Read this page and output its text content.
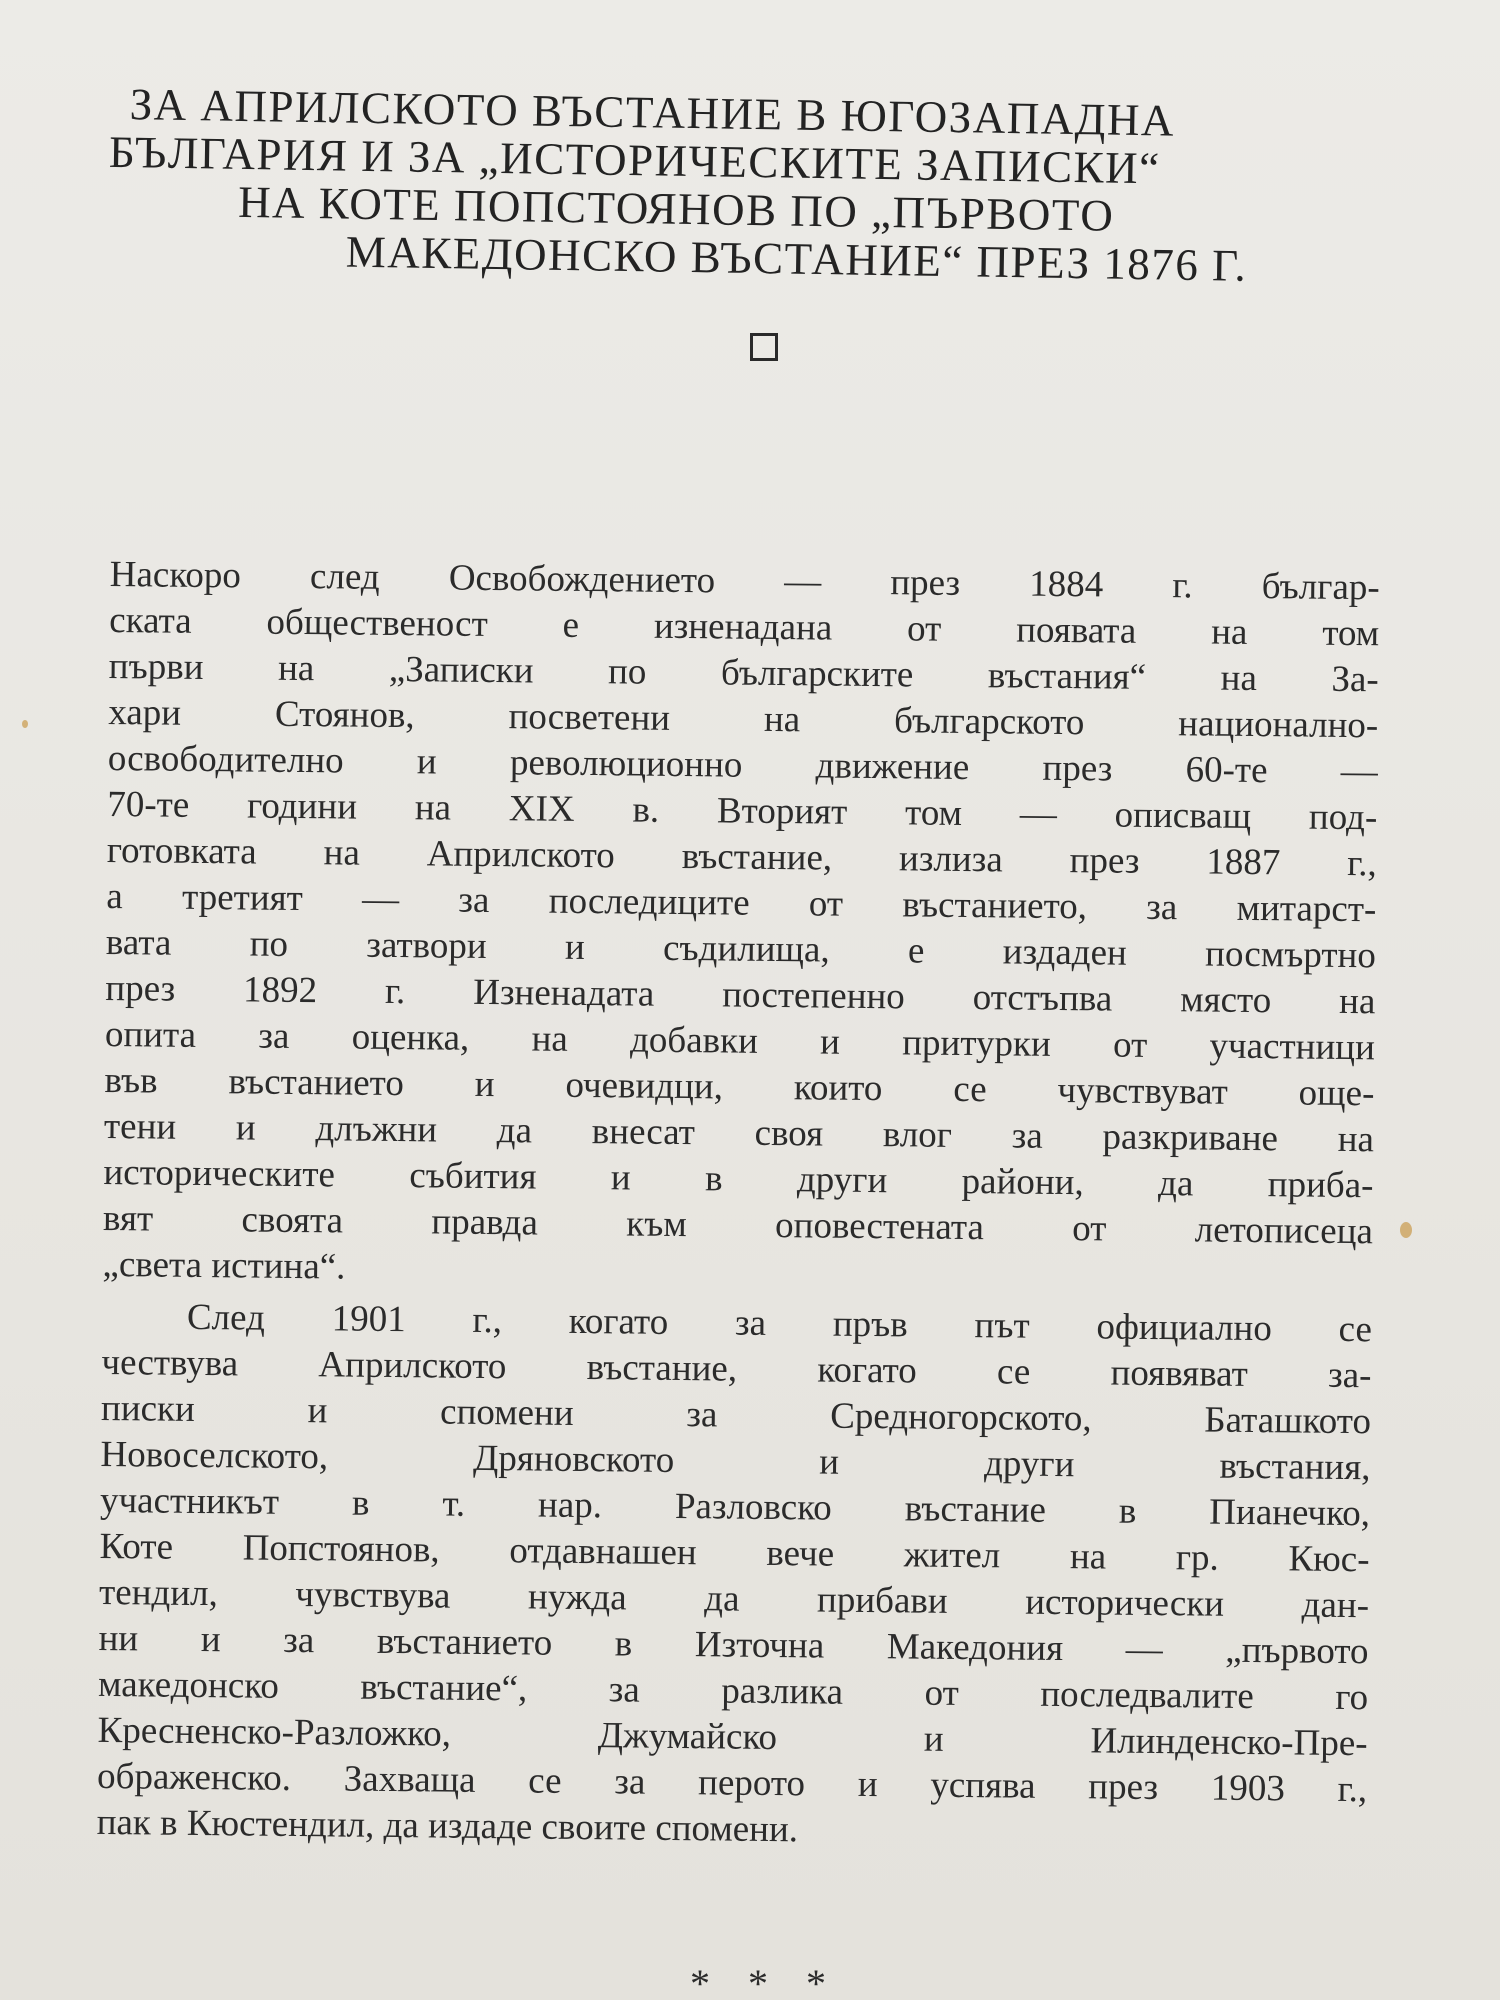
ЗА АПРИЛСКОТО ВЪСТАНИЕ В ЮГОЗАПАДНА
БЪЛГАРИЯ И ЗА „ИСТОРИЧЕСКИТЕ ЗАПИСКИ“
НА КОТЕ ПОПСТОЯНОВ ПО „ПЪРВОТО
МАКЕДОНСКО ВЪСТАНИЕ“ ПРЕЗ 1876 Г.

Наскоро след Освобождението — през 1884 г. българ-
ската общественост е изненадана от появата на том
първи на „Записки по българските въстания“ на За-
хари Стоянов, посветени на българското национално-
освободително и революционно движение през 60-те —
70-те години на XIX в. Вторият том — описващ под-
готовката на Априлското въстание, излиза през 1887 г.,
а третият — за последиците от въстанието, за митарст-
вата по затвори и съдилища, е издаден посмъртно
през 1892 г. Изненадата постепенно отстъпва място на
опита за оценка, на добавки и притурки от участници
във въстанието и очевидци, които се чувствуват ощe-
тени и длъжни да внесат своя влог за разкриване на
историческите събития и в други райони, да приба-
вят своята правда към оповестената от летописеца
„света истина“.

След 1901 г., когато за пръв път официално се
чествува Априлското въстание, когато се появяват за-
писки и спомени за Средногорското, Баташкото
Новоселското, Дряновското и други въстания,
участникът в т. нар. Разловско въстание в Пианечко,
Коте Попстоянов, отдавнашен вече жител на гр. Кюс-
тендил, чувствува нужда да прибави исторически дан-
ни и за въстанието в Източна Македония — „първото
македонско въстание“, за разлика от последвалите го
Кресненско-Разложко, Джумайско и Илинденско-Пре-
ображенско. Захваща се за перото и успява през 1903 г.,
пак в Кюстендил, да издаде своите спомени.

* * *
